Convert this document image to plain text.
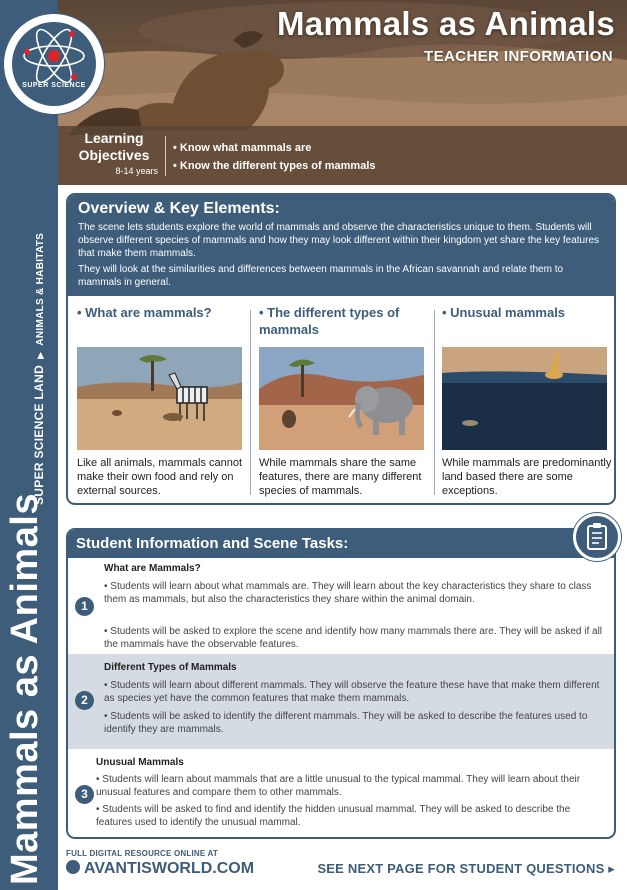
SUPER SCIENCE LAND▶ANIMALS & HABITATS
Mammals as Animals
SUPER SCIENCE
Mammals as Animals
TEACHER INFORMATION
Learning Objectives
8-14 years
• Know what mammals are
• Know the different types of mammals
Overview & Key Elements:
The scene lets students explore the world of mammals and observe the characteristics unique to them. Students will observe different species of mammals and how they may look different within their kingdom yet share the key features that make them mammals.
They will look at the similarities and differences between mammals in the African savannah and relate them to mammals in general.
• What are mammals?
Like all animals, mammals cannot make their own food and rely on external sources.
• The different types of mammals
While mammals share the same features, there are many different species of mammals.
• Unusual mammals
While mammals are predominantly land based there are some exceptions.
Student Information and Scene Tasks:
1
What are Mammals?
• Students will learn about what mammals are. They will learn about the key characteristics they share to class them as mammals, but also the characteristics they share within the animal domain.
• Students will be asked to explore the scene and identify how many mammals there are. They will be asked if all the mammals have the observable features.
2
Different Types of Mammals
• Students will learn about different mammals. They will observe the feature these have that make them different as species yet have the common features that make them mammals.
• Students will be asked to identify the different mammals. They will be asked to describe the features used to identify they are mammals.
3
Unusual Mammals
• Students will learn about mammals that are a little unusual to the typical mammal. They will learn about their unusual features and compare them to other mammals.
• Students will be asked to find and identify the hidden unusual mammal. They will be asked to describe the features used to identify the unusual mammal.
FULL DIGITAL RESOURCE ONLINE AT
AVANTISWORLD.COM	SEE NEXT PAGE FOR STUDENT QUESTIONS ▸
